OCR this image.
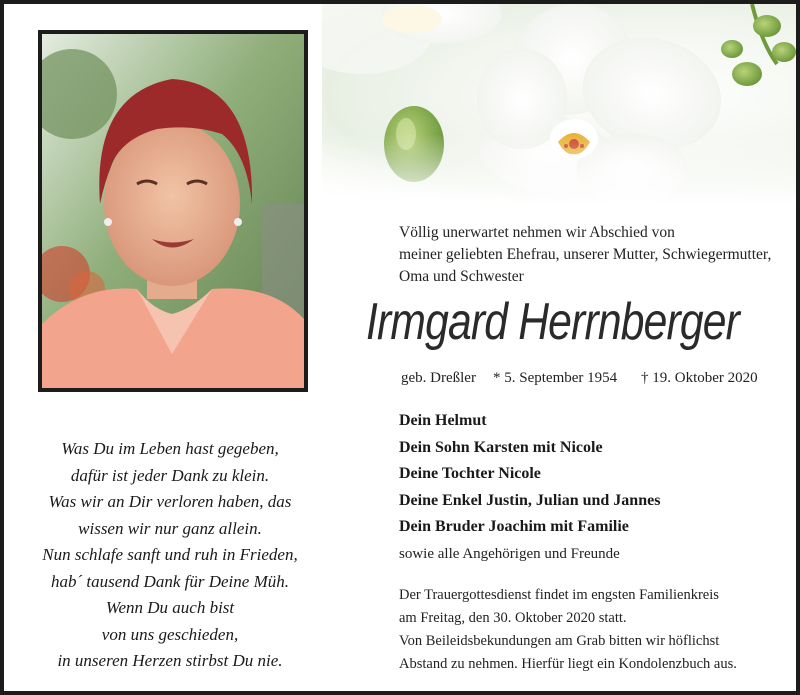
Völlig unerwartet nehmen wir Abschied von
meiner geliebten Ehefrau, unserer Mutter, Schwiegermutter,
Oma und Schwester
Irmgard Herrnberger
geb. Dreßler * 5. September 1954 † 19. Oktober 2020
Dein Helmut
Dein Sohn Karsten mit Nicole
Deine Tochter Nicole
Deine Enkel Justin, Julian und Jannes
Dein Bruder Joachim mit Familie
sowie alle Angehörigen und Freunde
Der Trauergottesdienst findet im engsten Familienkreis
am Freitag, den 30. Oktober 2020 statt.
Von Beileidsbekundungen am Grab bitten wir höflichst
Abstand zu nehmen. Hierfür liegt ein Kondolenzbuch aus.
Was Du im Leben hast gegeben,
dafür ist jeder Dank zu klein.
Was wir an Dir verloren haben, das
wissen wir nur ganz allein.
Nun schlafe sanft und ruh in Frieden,
hab´ tausend Dank für Deine Müh.
Wenn Du auch bist
von uns geschieden,
in unseren Herzen stirbst Du nie.
